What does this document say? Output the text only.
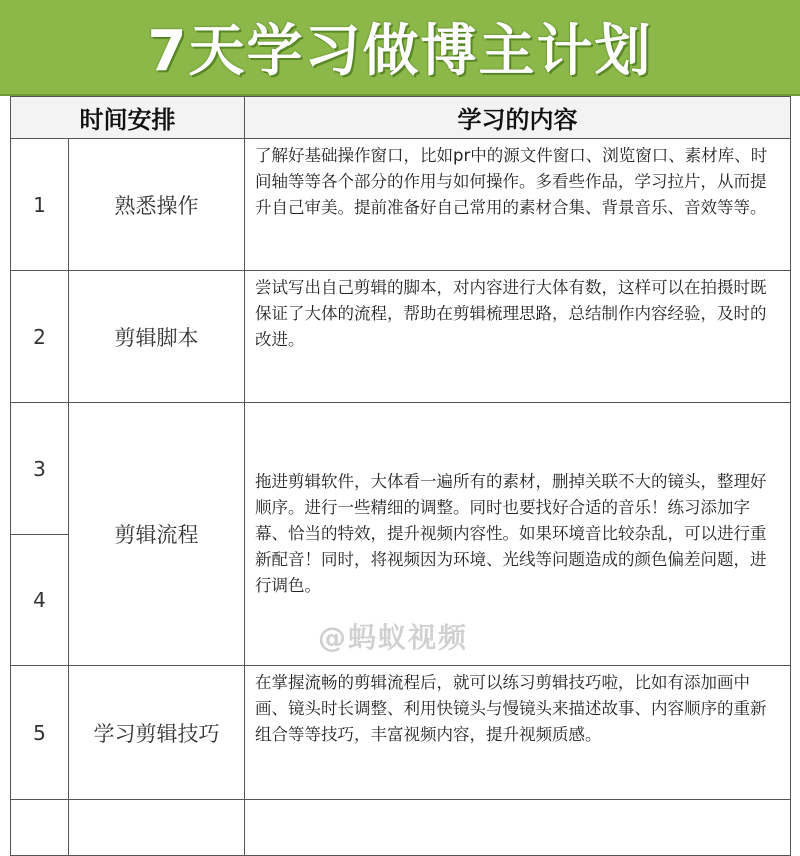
7天学习做博主计划
时间安排		学习的内容
1	熟悉操作	了解好基础操作窗口，比如pr中的源文件窗口、浏览窗口、素材库、时间轴等等各个部分的作用与如何操作。多看些作品，学习拉片，从而提升自己审美。提前准备好自己常用的素材合集、背景音乐、音效等等。
2	剪辑脚本	尝试写出自己剪辑的脚本，对内容进行大体有数，这样可以在拍摄时既保证了大体的流程，帮助在剪辑梳理思路，总结制作内容经验，及时的改进。
3	剪辑流程	拖进剪辑软件，大体看一遍所有的素材，删掉关联不大的镜头，整理好顺序。进行一些精细的调整。同时也要找好合适的音乐！练习添加字幕、恰当的特效，提升视频内容性。如果环境音比较杂乱，可以进行重新配音！同时，将视频因为环境、光线等问题造成的颜色偏差问题，进行调色。
4		
5	学习剪辑技巧	在掌握流畅的剪辑流程后，就可以练习剪辑技巧啦，比如有添加画中画、镜头时长调整、利用快镜头与慢镜头来描述故事、内容顺序的重新组合等等技巧，丰富视频内容，提升视频质感。

@蚂蚁视频
